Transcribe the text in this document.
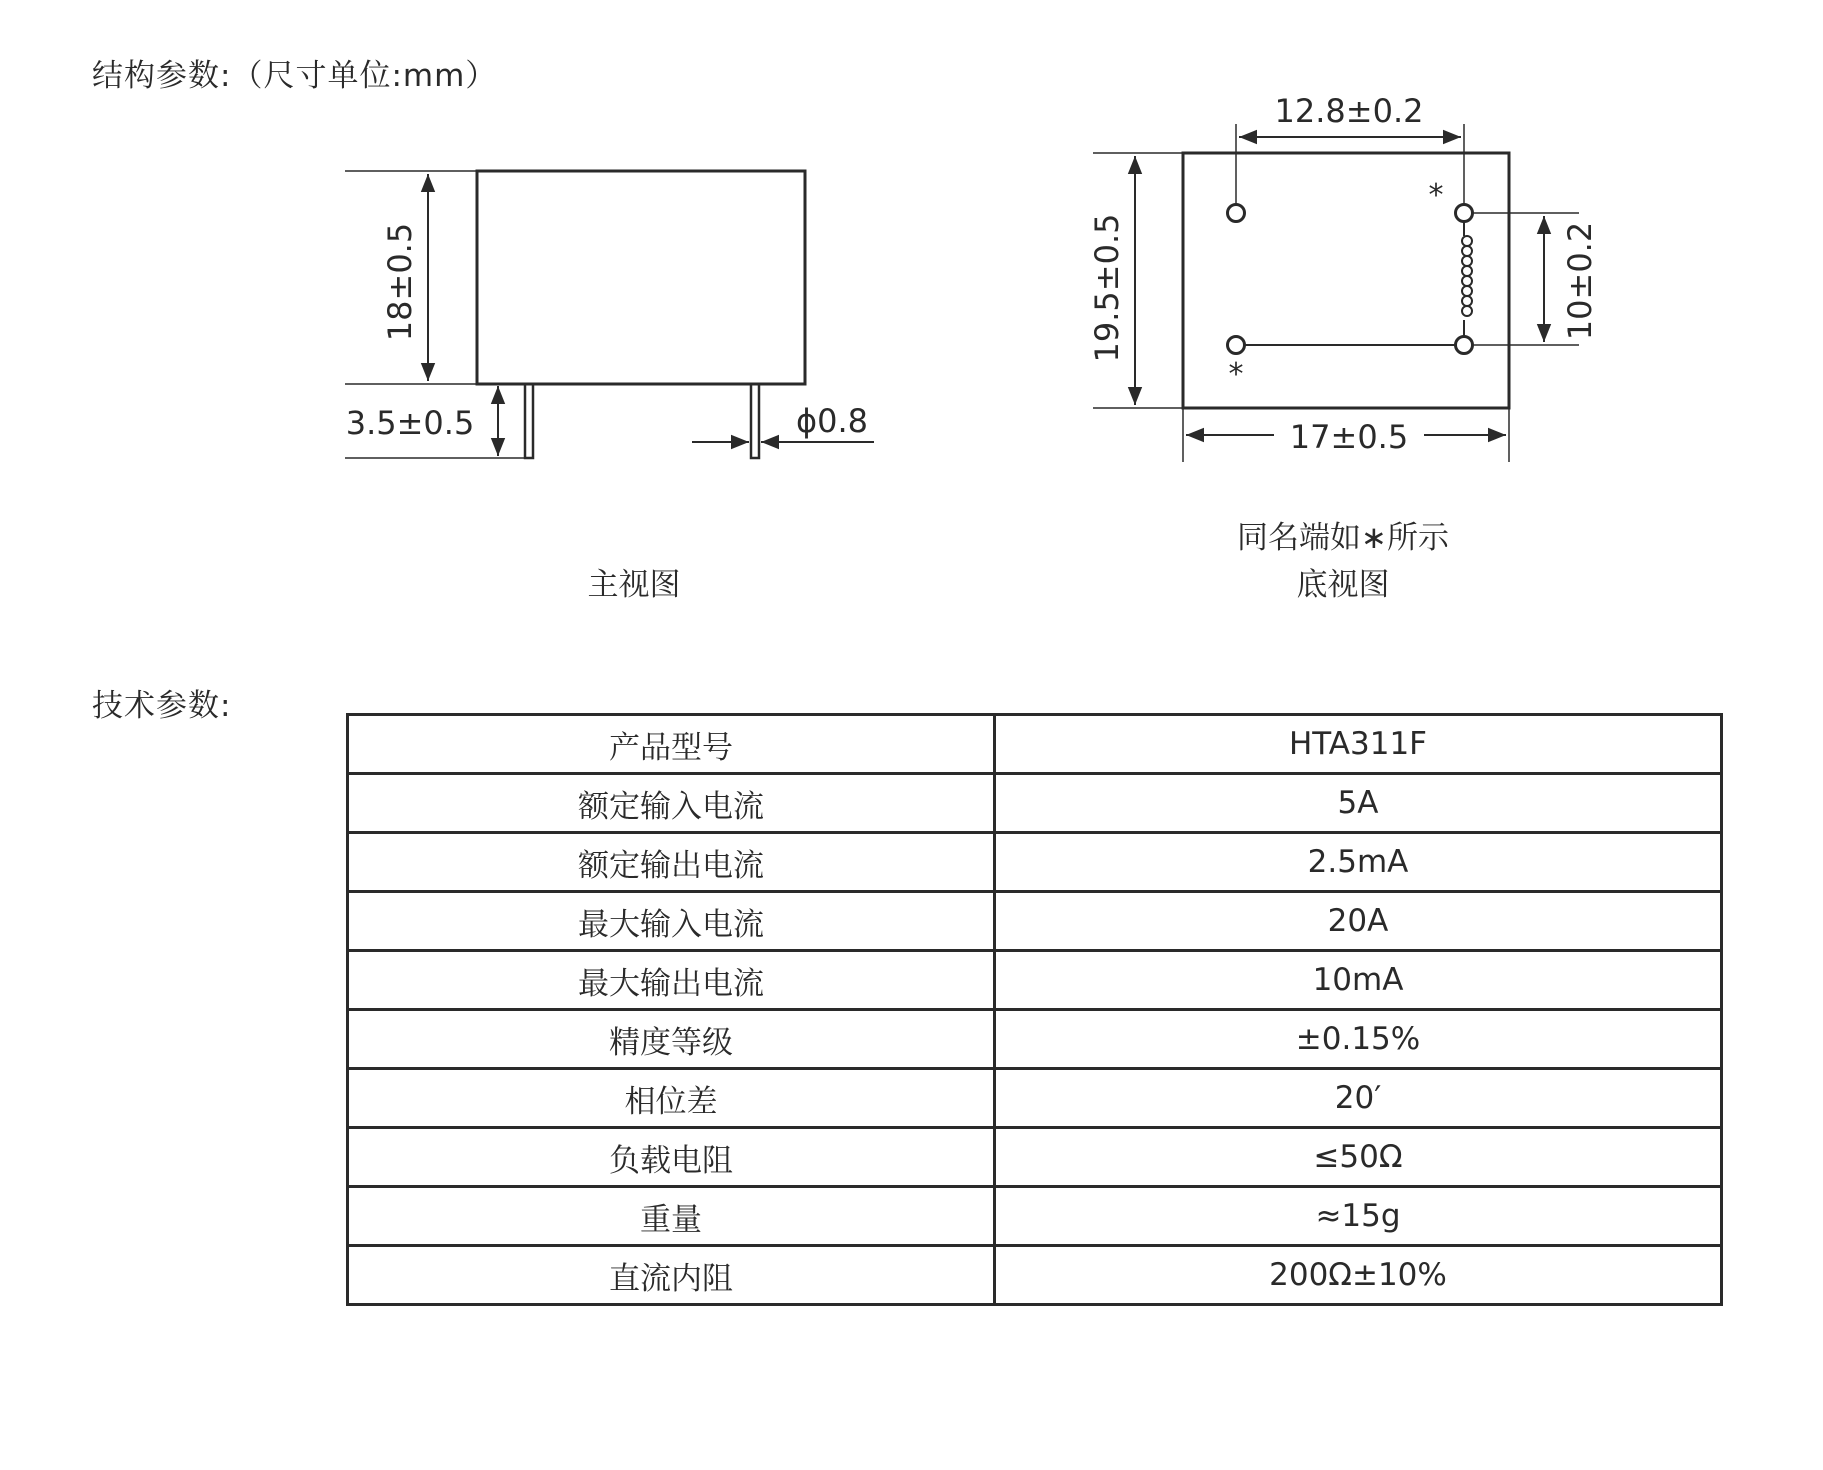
结构参数:（尺寸单位:mm）
18±0.5
3.5±0.5	ϕ0.8
12.8±0.2
19.5±0.5	10±0.2
17±0.5
*
*
主视图
同名端如∗所示
底视图
技术参数:
产品型号	HTA311F
额定输入电流	5A
额定输出电流	2.5mA
最大输入电流	20A
最大输出电流	10mA
精度等级	±0.15%
相位差	20′
负载电阻	≤50Ω
重量	≈15g
直流内阻	200Ω±10%
